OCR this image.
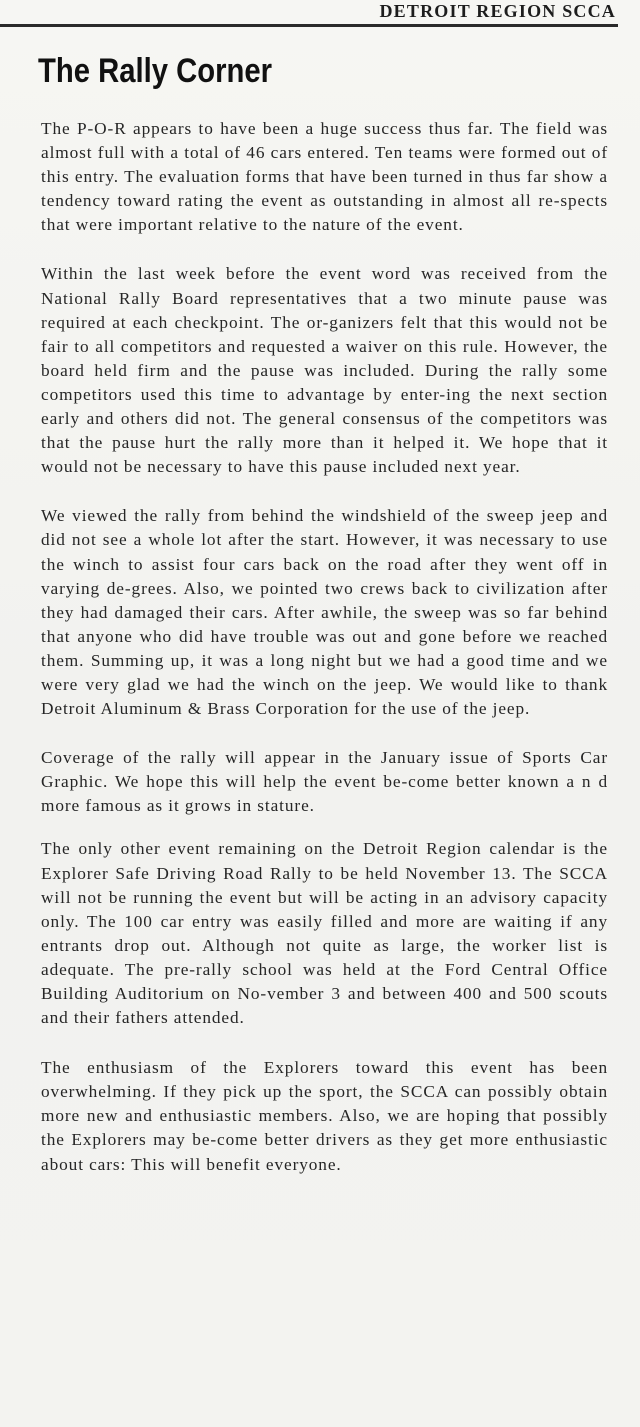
DETROIT REGION SCCA
The Rally Corner

The P-O-R appears to have been a huge success thus far. The field was almost full with a total of 46 cars entered. Ten teams were formed out of this entry. The evaluation forms that have been turned in thus far show a tendency toward rating the event as outstanding in almost all re-spects that were important relative to the nature of the event.

Within the last week before the event word was received from the National Rally Board representatives that a two minute pause was required at each checkpoint. The or-ganizers felt that this would not be fair to all competitors and requested a waiver on this rule. However, the board held firm and the pause was included. During the rally some competitors used this time to advantage by enter-ing the next section early and others did not. The general consensus of the competitors was that the pause hurt the rally more than it helped it. We hope that it would not be necessary to have this pause included next year.

We viewed the rally from behind the windshield of the sweep jeep and did not see a whole lot after the start. However, it was necessary to use the winch to assist four cars back on the road after they went off in varying de-grees. Also, we pointed two crews back to civilization after they had damaged their cars. After awhile, the sweep was so far behind that anyone who did have trouble was out and gone before we reached them. Summing up, it was a long night but we had a good time and we were very glad we had the winch on the jeep. We would like to thank Detroit Aluminum & Brass Corporation for the use of the jeep.

Coverage of the rally will appear in the January issue of Sports Car Graphic. We hope this will help the event be-come better known a n d more famous as it grows in stature.

The only other event remaining on the Detroit Region calendar is the Explorer Safe Driving Road Rally to be held November 13. The SCCA will not be running the event but will be acting in an advisory capacity only. The 100 car entry was easily filled and more are waiting if any entrants drop out. Although not quite as large, the worker list is adequate. The pre-rally school was held at the Ford Central Office Building Auditorium on No-vember 3 and between 400 and 500 scouts and their fathers attended.

The enthusiasm of the Explorers toward this event has been overwhelming. If they pick up the sport, the SCCA can possibly obtain more new and enthusiastic members. Also, we are hoping that possibly the Explorers may be-come better drivers as they get more enthusiastic about cars: This will benefit everyone.
